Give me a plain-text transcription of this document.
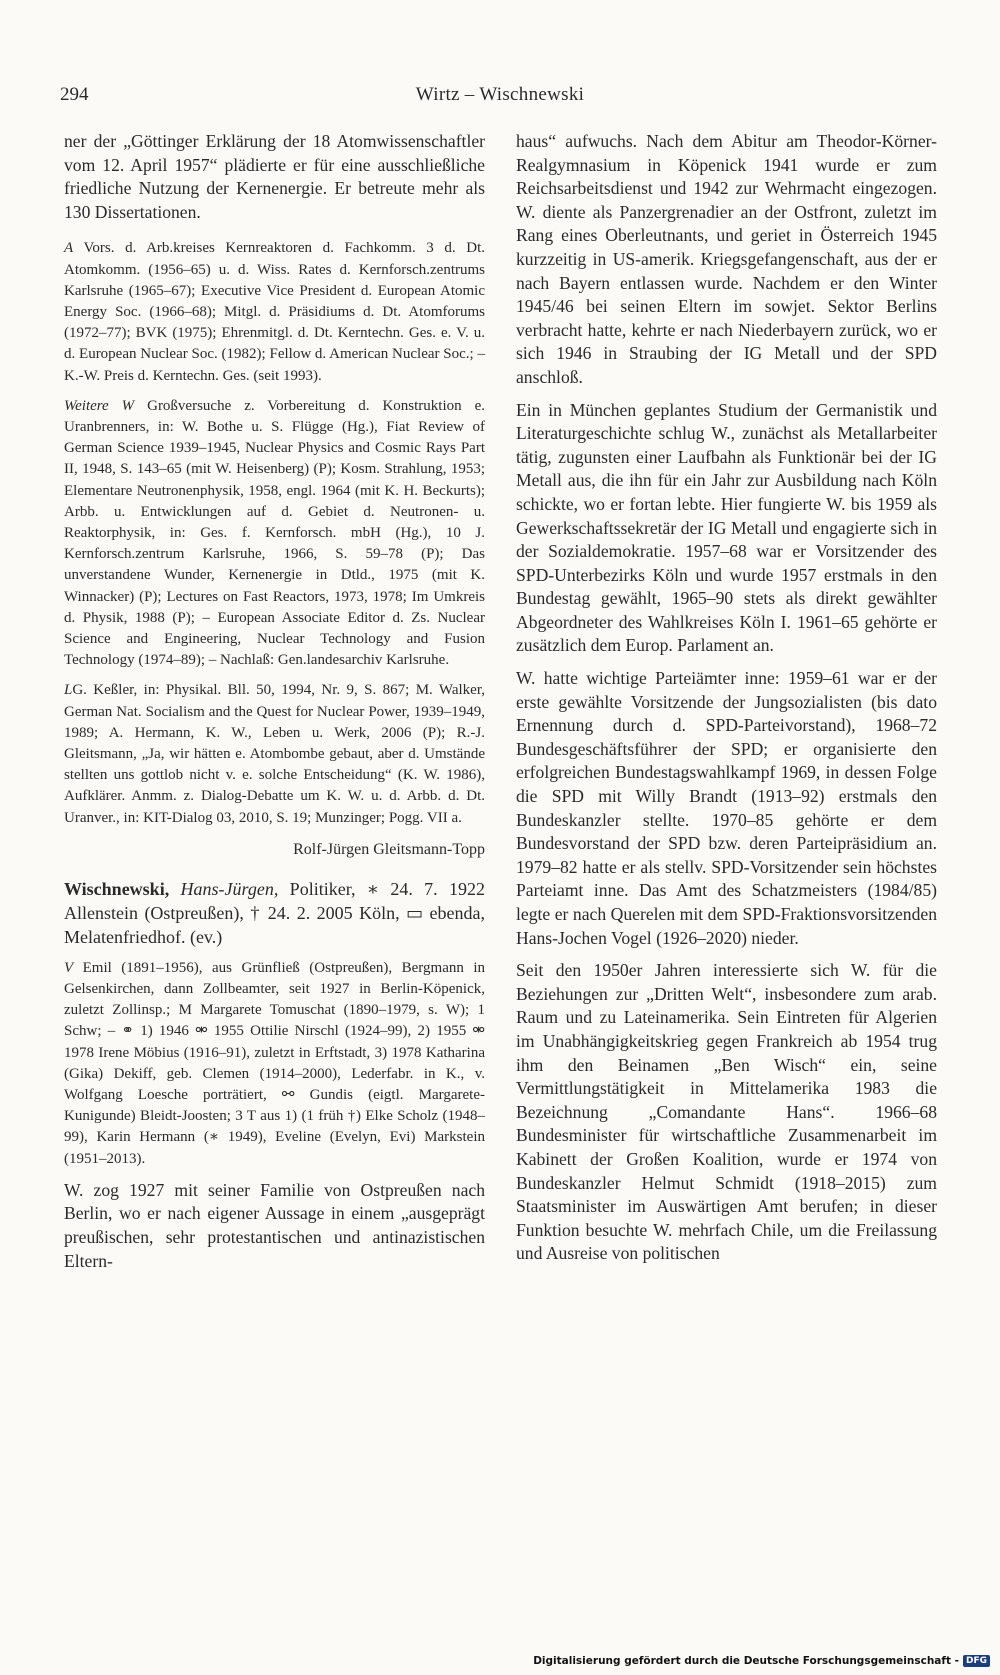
294	Wirtz – Wischnewski

ner der „Göttinger Erklärung der 18 Atomwissenschaftler vom 12. April 1957“ plädierte er für eine ausschließliche friedliche Nutzung der Kernenergie. Er betreute mehr als 130 Dissertationen.

A Vors. d. Arb.kreises Kernreaktoren d. Fachkomm. 3 d. Dt. Atomkomm. (1956–65) u. d. Wiss. Rates d. Kernforsch.zentrums Karlsruhe (1965–67); Executive Vice President d. European Atomic Energy Soc. (1966–68); Mitgl. d. Präsidiums d. Dt. Atomforums (1972–77); BVK (1975); Ehrenmitgl. d. Dt. Kerntechn. Ges. e. V. u. d. European Nuclear Soc. (1982); Fellow d. American Nuclear Soc.; – K.-W. Preis d. Kerntechn. Ges. (seit 1993).

Weitere W Großversuche z. Vorbereitung d. Konstruktion e. Uranbrenners, in: W. Bothe u. S. Flügge (Hg.), Fiat Review of German Science 1939–1945, Nuclear Physics and Cosmic Rays Part II, 1948, S. 143–65 (mit W. Heisenberg) (P); Kosm. Strahlung, 1953; Elementare Neutronenphysik, 1958, engl. 1964 (mit K. H. Beckurts); Arbb. u. Entwicklungen auf d. Gebiet d. Neutronen- u. Reaktorphysik, in: Ges. f. Kernforsch. mbH (Hg.), 10 J. Kernforsch.zentrum Karlsruhe, 1966, S. 59–78 (P); Das unverstandene Wunder, Kernenergie in Dtld., 1975 (mit K. Winnacker) (P); Lectures on Fast Reactors, 1973, 1978; Im Umkreis d. Physik, 1988 (P); – European Associate Editor d. Zs. Nuclear Science and Engineering, Nuclear Technology and Fusion Technology (1974–89); – Nachlaß: Gen.landesarchiv Karlsruhe.

LG. Keßler, in: Physikal. Bll. 50, 1994, Nr. 9, S. 867; M. Walker, German Nat. Socialism and the Quest for Nuclear Power, 1939–1949, 1989; A. Hermann, K. W., Leben u. Werk, 2006 (P); R.-J. Gleitsmann, „Ja, wir hätten e. Atombombe gebaut, aber d. Umstände stellten uns gottlob nicht v. e. solche Entscheidung“ (K. W. 1986), Aufklärer. Anmm. z. Dialog-Debatte um K. W. u. d. Arbb. d. Dt. Uranver., in: KIT-Dialog 03, 2010, S. 19; Munzinger; Pogg. VII a.

Rolf-Jürgen Gleitsmann-Topp

Wischnewski, Hans-Jürgen, Politiker, ∗ 24. 7. 1922 Allenstein (Ostpreußen), † 24. 2. 2005 Köln, ▭ ebenda, Melatenfriedhof. (ev.)

V Emil (1891–1956), aus Grünfließ (Ostpreußen), Bergmann in Gelsenkirchen, dann Zollbeamter, seit 1927 in Berlin-Köpenick, zuletzt Zollinsp.; M Margarete Tomuschat (1890–1979, s. W); 1 Schw; – ⚭ 1) 1946 ⚮ 1955 Ottilie Nirschl (1924–99), 2) 1955 ⚮ 1978 Irene Möbius (1916–91), zuletzt in Erftstadt, 3) 1978 Katharina (Gika) Dekiff, geb. Clemen (1914–2000), Lederfabr. in K., v. Wolfgang Loesche porträtiert, ⚯ Gundis (eigtl. Margarete-Kunigunde) Bleidt-Joosten; 3 T aus 1) (1 früh †) Elke Scholz (1948–99), Karin Hermann (∗ 1949), Eveline (Evelyn, Evi) Markstein (1951–2013).

W. zog 1927 mit seiner Familie von Ostpreußen nach Berlin, wo er nach eigener Aussage in einem „ausgeprägt preußischen, sehr protestantischen und antinazistischen Eltern-

haus“ aufwuchs. Nach dem Abitur am Theodor-Körner-Realgymnasium in Köpenick 1941 wurde er zum Reichsarbeitsdienst und 1942 zur Wehrmacht eingezogen. W. diente als Panzergrenadier an der Ostfront, zuletzt im Rang eines Oberleutnants, und geriet in Österreich 1945 kurzzeitig in US-amerik. Kriegsgefangenschaft, aus der er nach Bayern entlassen wurde. Nachdem er den Winter 1945/46 bei seinen Eltern im sowjet. Sektor Berlins verbracht hatte, kehrte er nach Niederbayern zurück, wo er sich 1946 in Straubing der IG Metall und der SPD anschloß.

Ein in München geplantes Studium der Germanistik und Literaturgeschichte schlug W., zunächst als Metallarbeiter tätig, zugunsten einer Laufbahn als Funktionär bei der IG Metall aus, die ihn für ein Jahr zur Ausbildung nach Köln schickte, wo er fortan lebte. Hier fungierte W. bis 1959 als Gewerkschaftssekretär der IG Metall und engagierte sich in der Sozialdemokratie. 1957–68 war er Vorsitzender des SPD-Unterbezirks Köln und wurde 1957 erstmals in den Bundestag gewählt, 1965–90 stets als direkt gewählter Abgeordneter des Wahlkreises Köln I. 1961–65 gehörte er zusätzlich dem Europ. Parlament an.

W. hatte wichtige Parteiämter inne: 1959–61 war er der erste gewählte Vorsitzende der Jungsozialisten (bis dato Ernennung durch d. SPD-Parteivorstand), 1968–72 Bundesgeschäftsführer der SPD; er organisierte den erfolgreichen Bundestagswahlkampf 1969, in dessen Folge die SPD mit Willy Brandt (1913–92) erstmals den Bundeskanzler stellte. 1970–85 gehörte er dem Bundesvorstand der SPD bzw. deren Parteipräsidium an. 1979–82 hatte er als stellv. SPD-Vorsitzender sein höchstes Parteiamt inne. Das Amt des Schatzmeisters (1984/85) legte er nach Querelen mit dem SPD-Fraktionsvorsitzenden Hans-Jochen Vogel (1926–2020) nieder.

Seit den 1950er Jahren interessierte sich W. für die Beziehungen zur „Dritten Welt“, insbesondere zum arab. Raum und zu Lateinamerika. Sein Eintreten für Algerien im Unabhängigkeitskrieg gegen Frankreich ab 1954 trug ihm den Beinamen „Ben Wisch“ ein, seine Vermittlungstätigkeit in Mittelamerika 1983 die Bezeichnung „Comandante Hans“. 1966–68 Bundesminister für wirtschaftliche Zusammenarbeit im Kabinett der Großen Koalition, wurde er 1974 von Bundeskanzler Helmut Schmidt (1918–2015) zum Staatsminister im Auswärtigen Amt berufen; in dieser Funktion besuchte W. mehrfach Chile, um die Freilassung und Ausreise von politischen

Digitalisierung gefördert durch die Deutsche Forschungsgemeinschaft - DFG
